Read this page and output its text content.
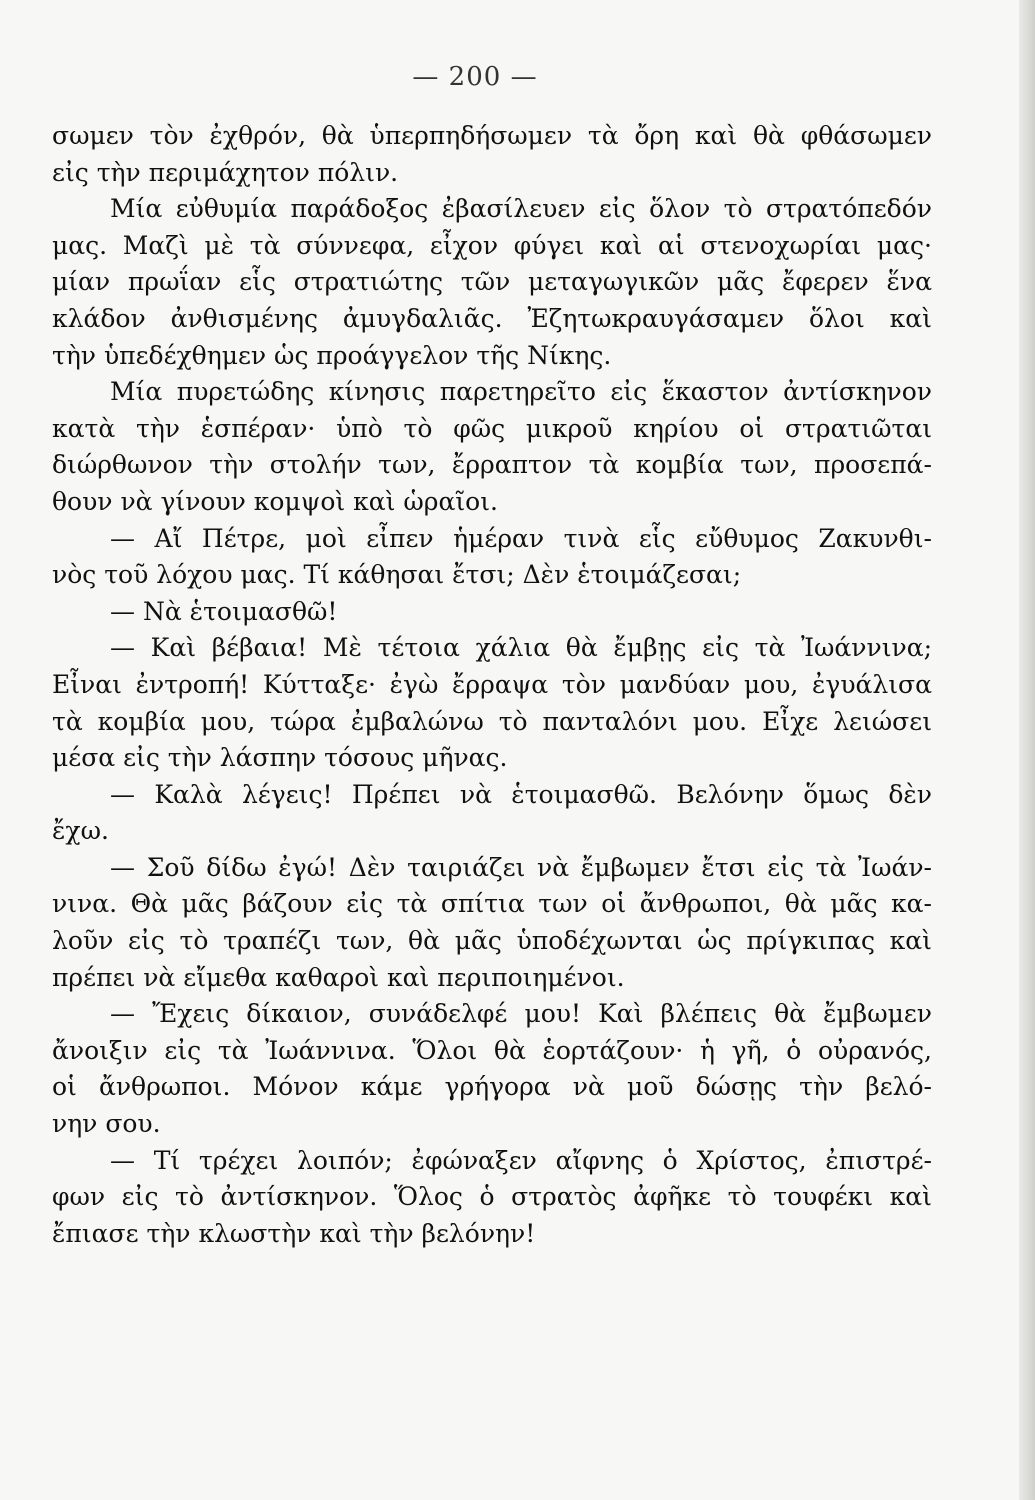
— 200 —
σωμεν τὸν ἐχθρόν, θὰ ὑπερπηδήσωμεν τὰ ὄρη καὶ θὰ φθάσωμεν
εἰς τὴν περιμάχητον πόλιν.
Μία εὐθυμία παράδοξος ἐβασίλευεν εἰς ὅλον τὸ στρατόπεδόν
μας. Μαζὶ μὲ τὰ σύννεφα, εἶχον φύγει καὶ αἱ στενοχωρίαι μας·
μίαν πρωΐαν εἷς στρατιώτης τῶν μεταγωγικῶν μᾶς ἔφερεν ἕνα
κλάδον ἀνθισμένης ἀμυγδαλιᾶς. Ἐζητωκραυγάσαμεν ὅλοι καὶ
τὴν ὑπεδέχθημεν ὡς προάγγελον τῆς Νίκης.
Μία πυρετώδης κίνησις παρετηρεῖτο εἰς ἕκαστον ἀντίσκηνον
κατὰ τὴν ἑσπέραν· ὑπὸ τὸ φῶς μικροῦ κηρίου οἱ στρατιῶται
διώρθωνον τὴν στολήν των, ἔρραπτον τὰ κομβία των, προσεπά-
θουν νὰ γίνουν κομψοὶ καὶ ὡραῖοι.
— Αἴ Πέτρε, μοὶ εἶπεν ἡμέραν τινὰ εἷς εὔθυμος Ζακυνθι-
νὸς τοῦ λόχου μας. Τί κάθησαι ἔτσι; Δὲν ἑτοιμάζεσαι;
— Νὰ ἑτοιμασθῶ!
— Καὶ βέβαια! Μὲ τέτοια χάλια θὰ ἔμβῃς εἰς τὰ Ἰωάννινα;
Εἶναι ἐντροπή! Κύτταξε· ἐγὼ ἔρραψα τὸν μανδύαν μου, ἐγυάλισα
τὰ κομβία μου, τώρα ἐμβαλώνω τὸ πανταλόνι μου. Εἶχε λειώσει
μέσα εἰς τὴν λάσπην τόσους μῆνας.
— Καλὰ λέγεις! Πρέπει νὰ ἑτοιμασθῶ. Βελόνην ὅμως δὲν
ἔχω.
— Σοῦ δίδω ἐγώ! Δὲν ταιριάζει νὰ ἔμβωμεν ἔτσι εἰς τὰ Ἰωάν-
νινα. Θὰ μᾶς βάζουν εἰς τὰ σπίτια των οἱ ἄνθρωποι, θὰ μᾶς κα-
λοῦν εἰς τὸ τραπέζι των, θὰ μᾶς ὑποδέχωνται ὡς πρίγκιπας καὶ
πρέπει νὰ εἴμεθα καθαροὶ καὶ περιποιημένοι.
— Ἔχεις δίκαιον, συνάδελφέ μου! Καὶ βλέπεις θὰ ἔμβωμεν
ἄνοιξιν εἰς τὰ Ἰωάννινα. Ὅλοι θὰ ἑορτάζουν· ἡ γῆ, ὁ οὐρανός,
οἱ ἄνθρωποι. Μόνον κάμε γρήγορα νὰ μοῦ δώσῃς τὴν βελό-
νην σου.
— Τί τρέχει λοιπόν; ἐφώναξεν αἴφνης ὁ Χρίστος, ἐπιστρέ-
φων εἰς τὸ ἀντίσκηνον. Ὅλος ὁ στρατὸς ἀφῆκε τὸ τουφέκι καὶ
ἔπιασε τὴν κλωστὴν καὶ τὴν βελόνην!
